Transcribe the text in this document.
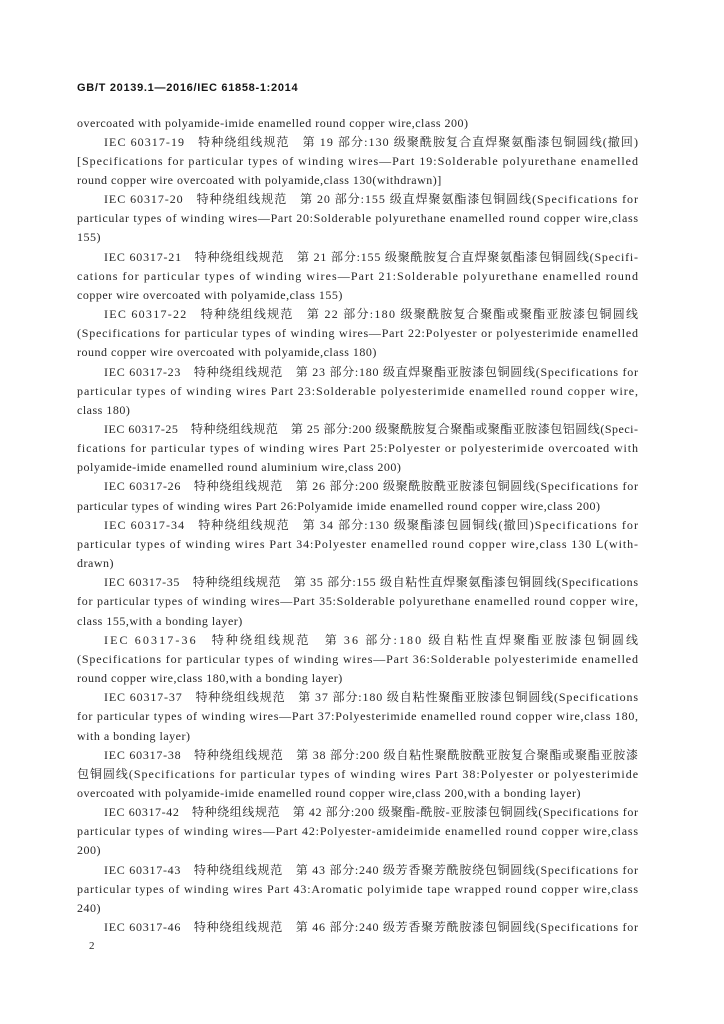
GB/T 20139.1—2016/IEC 61858-1:2014
overcoated with polyamide-imide enamelled round copper wire,class 200)
IEC 60317-19　特种绕组线规范　第 19 部分:130 级聚酰胺复合直焊聚氨酯漆包铜圆线(撤回)
[Specifications for particular types of winding wires—Part 19:Solderable polyurethane enamelled
round copper wire overcoated with polyamide,class 130(withdrawn)]
IEC 60317-20　特种绕组线规范　第 20 部分:155 级直焊聚氨酯漆包铜圆线(Specifications for
particular types of winding wires—Part 20:Solderable polyurethane enamelled round copper wire,class
155)
IEC 60317-21　特种绕组线规范　第 21 部分:155 级聚酰胺复合直焊聚氨酯漆包铜圆线(Specifi-
cations for particular types of winding wires—Part 21:Solderable polyurethane enamelled round
copper wire overcoated with polyamide,class 155)
IEC 60317-22　特种绕组线规范　第 22 部分:180 级聚酰胺复合聚酯或聚酯亚胺漆包铜圆线
(Specifications for particular types of winding wires—Part 22:Polyester or polyesterimide enamelled
round copper wire overcoated with polyamide,class 180)
IEC 60317-23　特种绕组线规范　第 23 部分:180 级直焊聚酯亚胺漆包铜圆线(Specifications for
particular types of winding wires Part 23:Solderable polyesterimide enamelled round copper wire,
class 180)
IEC 60317-25　特种绕组线规范　第 25 部分:200 级聚酰胺复合聚酯或聚酯亚胺漆包铝圆线(Speci-
fications for particular types of winding wires Part 25:Polyester or polyesterimide overcoated with
polyamide-imide enamelled round aluminium wire,class 200)
IEC 60317-26　特种绕组线规范　第 26 部分:200 级聚酰胺酰亚胺漆包铜圆线(Specifications for
particular types of winding wires Part 26:Polyamide imide enamelled round copper wire,class 200)
IEC 60317-34　特种绕组线规范　第 34 部分:130 级聚酯漆包圆铜线(撤回)Specifications for
particular types of winding wires Part 34:Polyester enamelled round copper wire,class 130 L(with-
drawn)
IEC 60317-35　特种绕组线规范　第 35 部分:155 级自粘性直焊聚氨酯漆包铜圆线(Specifications
for particular types of winding wires—Part 35:Solderable polyurethane enamelled round copper wire,
class 155,with a bonding layer)
IEC 60317-36　特种绕组线规范　第 36 部分:180 级自粘性直焊聚酯亚胺漆包铜圆线
(Specifications for particular types of winding wires—Part 36:Solderable polyesterimide enamelled
round copper wire,class 180,with a bonding layer)
IEC 60317-37　特种绕组线规范　第 37 部分:180 级自粘性聚酯亚胺漆包铜圆线(Specifications
for particular types of winding wires—Part 37:Polyesterimide enamelled round copper wire,class 180,
with a bonding layer)
IEC 60317-38　特种绕组线规范　第 38 部分:200 级自粘性聚酰胺酰亚胺复合聚酯或聚酯亚胺漆
包铜圆线(Specifications for particular types of winding wires Part 38:Polyester or polyesterimide
overcoated with polyamide-imide enamelled round copper wire,class 200,with a bonding layer)
IEC 60317-42　特种绕组线规范　第 42 部分:200 级聚酯-酰胺-亚胺漆包铜圆线(Specifications for
particular types of winding wires—Part 42:Polyester-amideimide enamelled round copper wire,class
200)
IEC 60317-43　特种绕组线规范　第 43 部分:240 级芳香聚芳酰胺绕包铜圆线(Specifications for
particular types of winding wires Part 43:Aromatic polyimide tape wrapped round copper wire,class
240)
IEC 60317-46　特种绕组线规范　第 46 部分:240 级芳香聚芳酰胺漆包铜圆线(Specifications for
2
